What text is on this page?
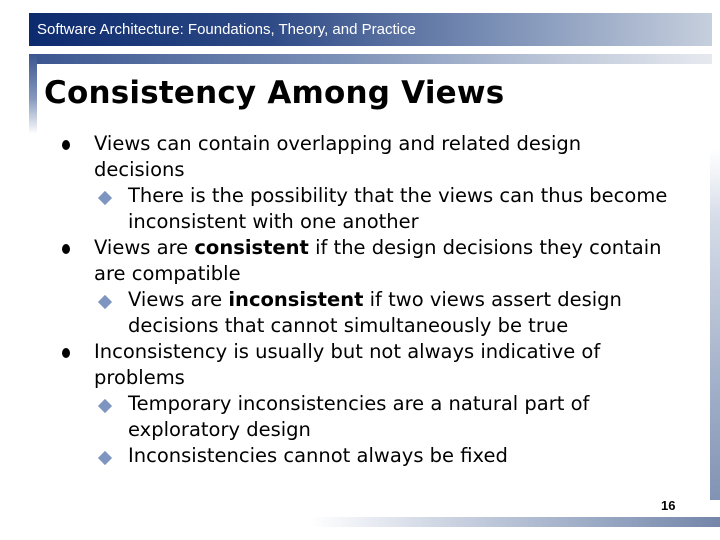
Software Architecture: Foundations, Theory, and Practice
Consistency Among Views
Views can contain overlapping and related design decisions
There is the possibility that the views can thus become inconsistent with one another
Views are consistent if the design decisions they contain are compatible
Views are inconsistent if two views assert design decisions that cannot simultaneously be true
Inconsistency is usually but not always indicative of problems
Temporary inconsistencies are a natural part of exploratory design
Inconsistencies cannot always be fixed
16
